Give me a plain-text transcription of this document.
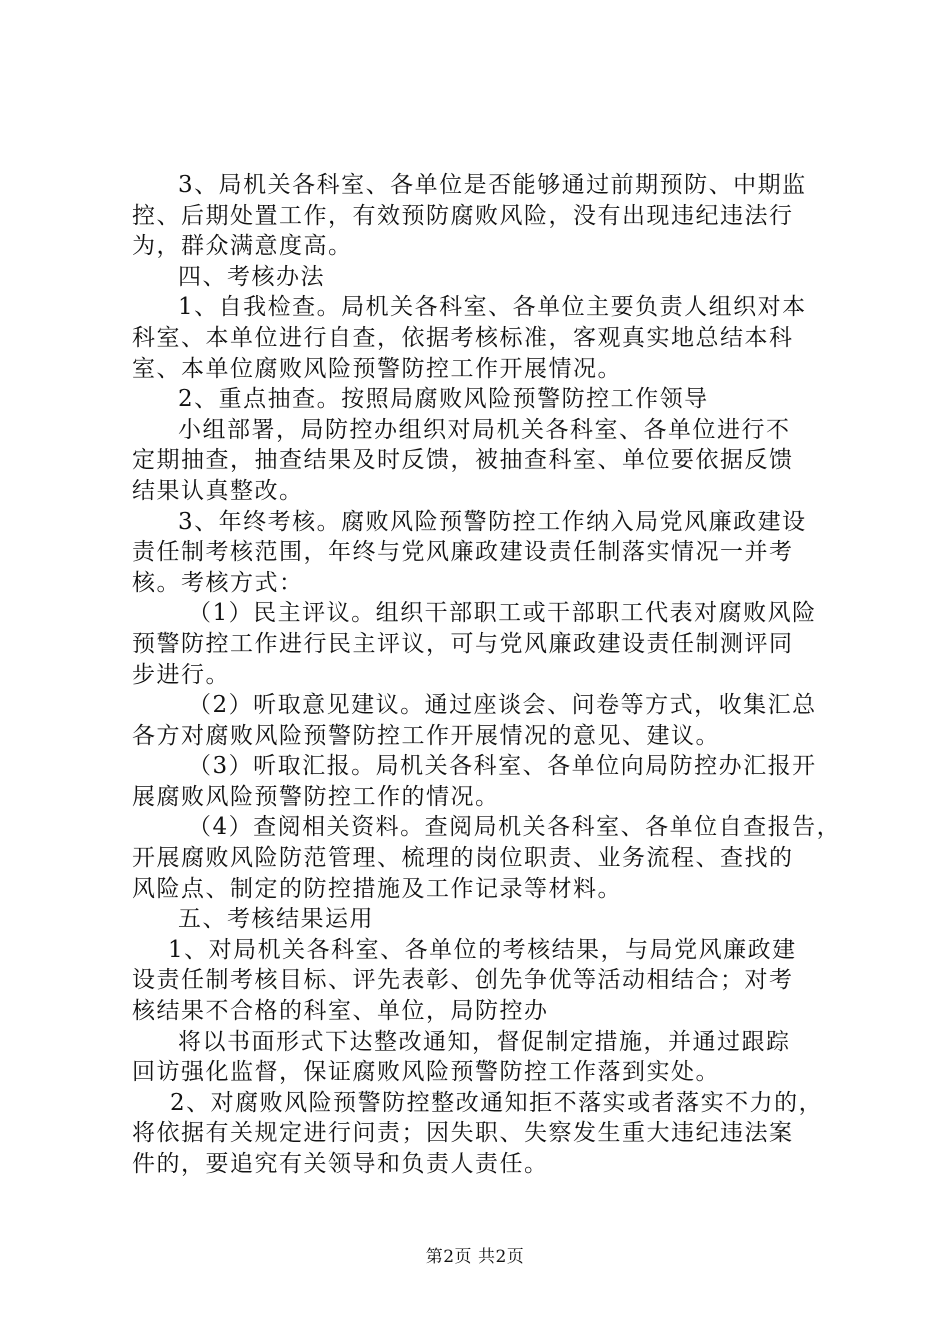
3、局机关各科室、各单位是否能够通过前期预防、中期监
控、后期处置工作，有效预防腐败风险，没有出现违纪违法行
为，群众满意度高。
四、考核办法
1、自我检查。局机关各科室、各单位主要负责人组织对本
科室、本单位进行自查，依据考核标准，客观真实地总结本科
室、本单位腐败风险预警防控工作开展情况。
2、重点抽查。按照局腐败风险预警防控工作领导
小组部署，局防控办组织对局机关各科室、各单位进行不
定期抽查，抽查结果及时反馈，被抽查科室、单位要依据反馈
结果认真整改。
3、年终考核。腐败风险预警防控工作纳入局党风廉政建设
责任制考核范围，年终与党风廉政建设责任制落实情况一并考
核。考核方式：
（1）民主评议。组织干部职工或干部职工代表对腐败风险
预警防控工作进行民主评议，可与党风廉政建设责任制测评同
步进行。
（2）听取意见建议。通过座谈会、问卷等方式，收集汇总
各方对腐败风险预警防控工作开展情况的意见、建议。
（3）听取汇报。局机关各科室、各单位向局防控办汇报开
展腐败风险预警防控工作的情况。
（4）查阅相关资料。查阅局机关各科室、各单位自查报告，
开展腐败风险防范管理、梳理的岗位职责、业务流程、查找的
风险点、制定的防控措施及工作记录等材料。
五、考核结果运用
1、对局机关各科室、各单位的考核结果，与局党风廉政建
设责任制考核目标、评先表彰、创先争优等活动相结合；对考
核结果不合格的科室、单位，局防控办
将以书面形式下达整改通知，督促制定措施，并通过跟踪
回访强化监督，保证腐败风险预警防控工作落到实处。
2、对腐败风险预警防控整改通知拒不落实或者落实不力的，
将依据有关规定进行问责；因失职、失察发生重大违纪违法案
件的，要追究有关领导和负责人责任。
第2页 共2页
